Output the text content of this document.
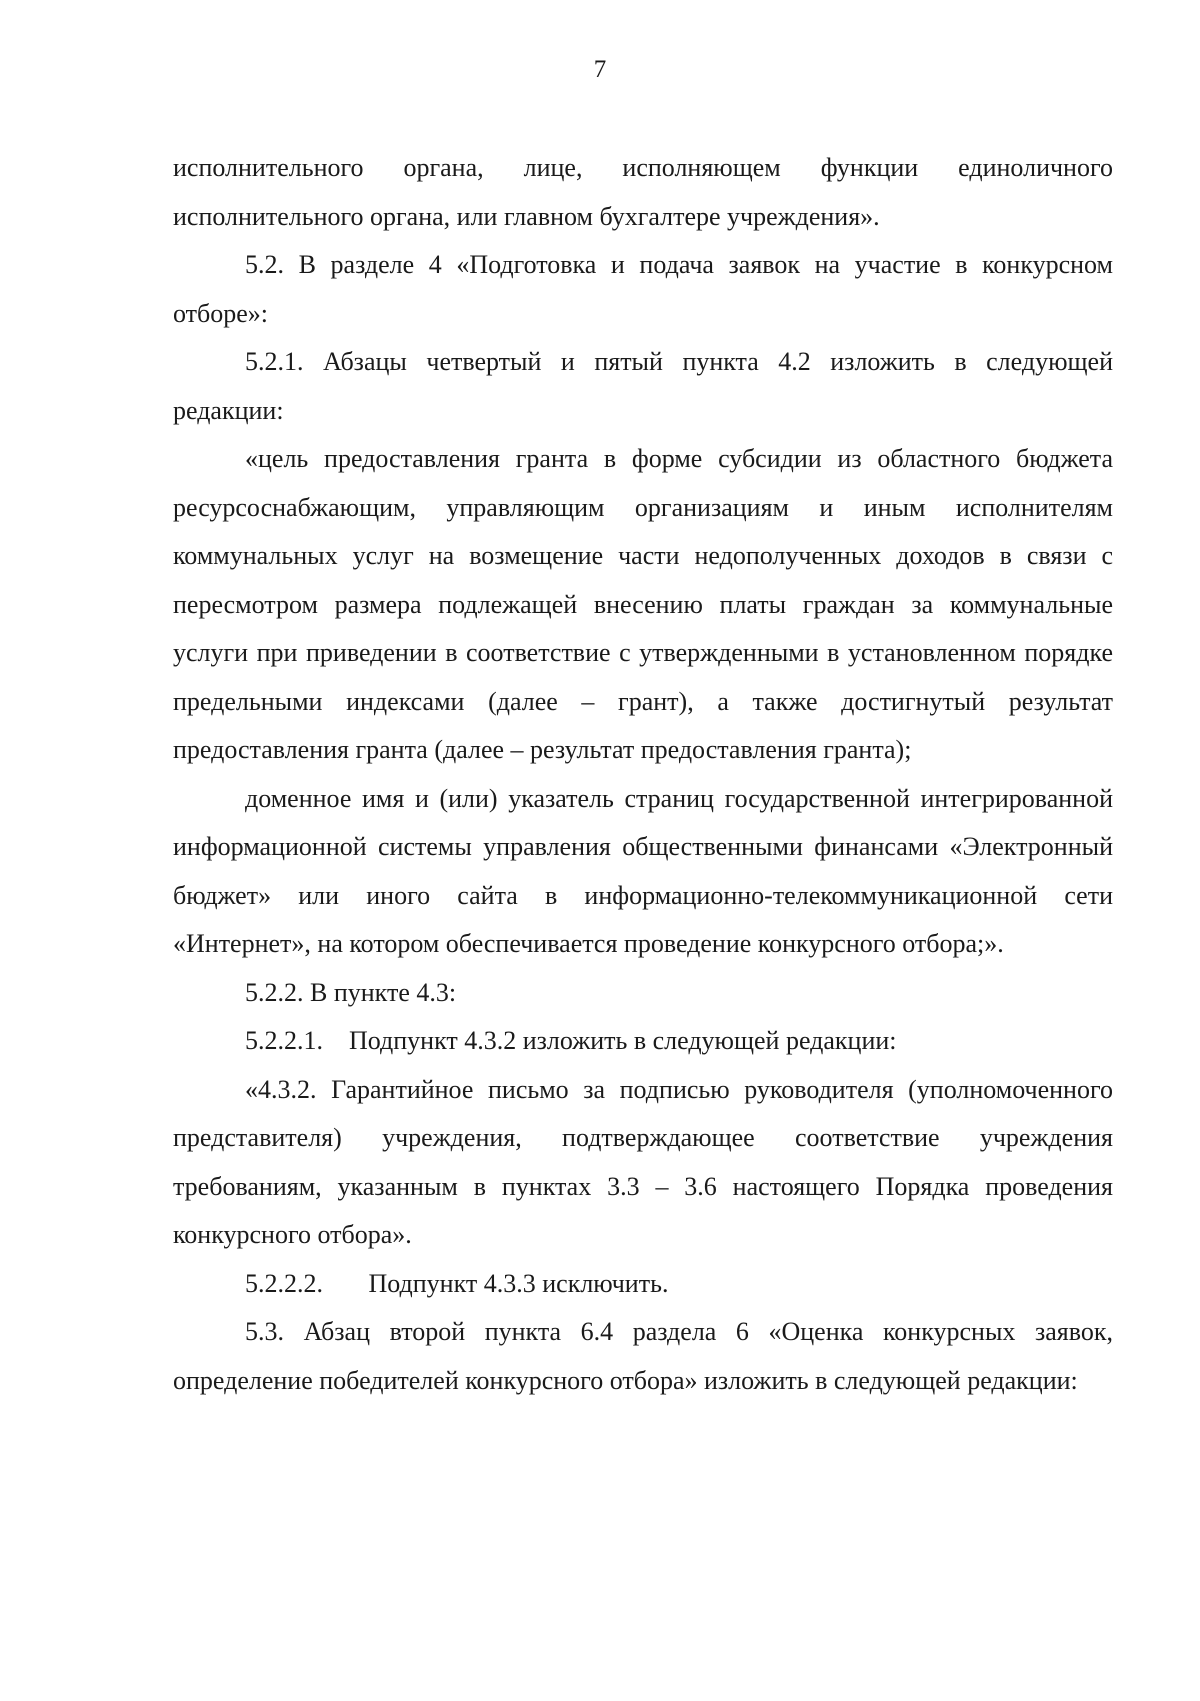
7

исполнительного органа, лице, исполняющем функции единоличного исполнительного органа, или главном бухгалтере учреждения».

5.2. В разделе 4 «Подготовка и подача заявок на участие в конкурсном отборе»:

5.2.1. Абзацы четвертый и пятый пункта 4.2 изложить в следующей редакции:

«цель предоставления гранта в форме субсидии из областного бюджета ресурсоснабжающим, управляющим организациям и иным исполнителям коммунальных услуг на возмещение части недополученных доходов в связи с пересмотром размера подлежащей внесению платы граждан за коммунальные услуги при приведении в соответствие с утвержденными в установленном порядке предельными индексами (далее – грант), а также достигнутый результат предоставления гранта (далее – результат предоставления гранта);

доменное имя и (или) указатель страниц государственной интегрированной информационной системы управления общественными финансами «Электронный бюджет» или иного сайта в информационно-телекоммуникационной сети «Интернет», на котором обеспечивается проведение конкурсного отбора;».

5.2.2. В пункте 4.3:

5.2.2.1.    Подпункт 4.3.2 изложить в следующей редакции:

«4.3.2. Гарантийное письмо за подписью руководителя (уполномоченного представителя) учреждения, подтверждающее соответствие учреждения требованиям, указанным в пунктах 3.3 – 3.6 настоящего Порядка проведения конкурсного отбора».

5.2.2.2.       Подпункт 4.3.3 исключить.

5.3. Абзац второй пункта 6.4 раздела 6 «Оценка конкурсных заявок, определение победителей конкурсного отбора» изложить в следующей редакции:
